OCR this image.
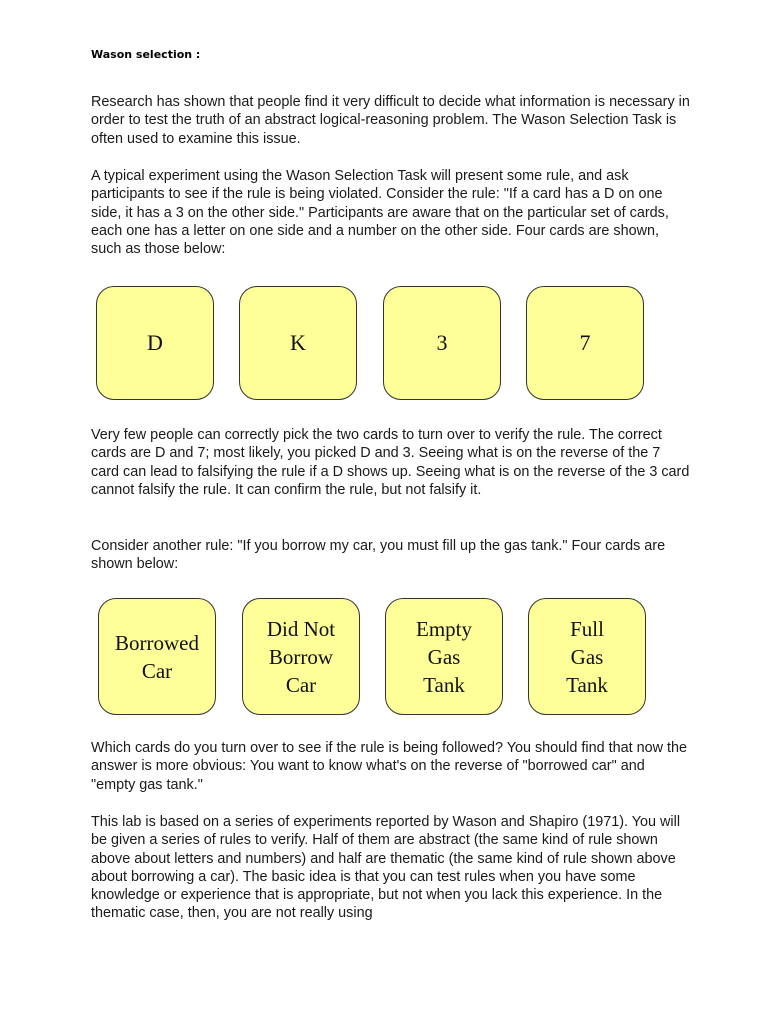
Wason selection :

Research has shown that people find it very difficult to decide what information is necessary in order to test the truth of an abstract logical-reasoning problem. The Wason Selection Task is often used to examine this issue.

A typical experiment using the Wason Selection Task will present some rule, and ask participants to see if the rule is being violated. Consider the rule: "If a card has a D on one side, it has a 3 on the other side." Participants are aware that on the particular set of cards, each one has a letter on one side and a number on the other side. Four cards are shown, such as those below:

D	K	3	7

Very few people can correctly pick the two cards to turn over to verify the rule. The correct cards are D and 7; most likely, you picked D and 3. Seeing what is on the reverse of the 7 card can lead to falsifying the rule if a D shows up. Seeing what is on the reverse of the 3 card cannot falsify the rule. It can confirm the rule, but not falsify it.

Consider another rule: "If you borrow my car, you must fill up the gas tank." Four cards are shown below:

Borrowed
Car
Did Not
Borrow
Car
Empty
Gas
Tank
Full
Gas
Tank

Which cards do you turn over to see if the rule is being followed? You should find that now the answer is more obvious: You want to know what's on the reverse of "borrowed car" and "empty gas tank."

This lab is based on a series of experiments reported by Wason and Shapiro (1971). You will be given a series of rules to verify. Half of them are abstract (the same kind of rule shown above about letters and numbers) and half are thematic (the same kind of rule shown above about borrowing a car). The basic idea is that you can test rules when you have some knowledge or experience that is appropriate, but not when you lack this experience. In the thematic case, then, you are not really using
